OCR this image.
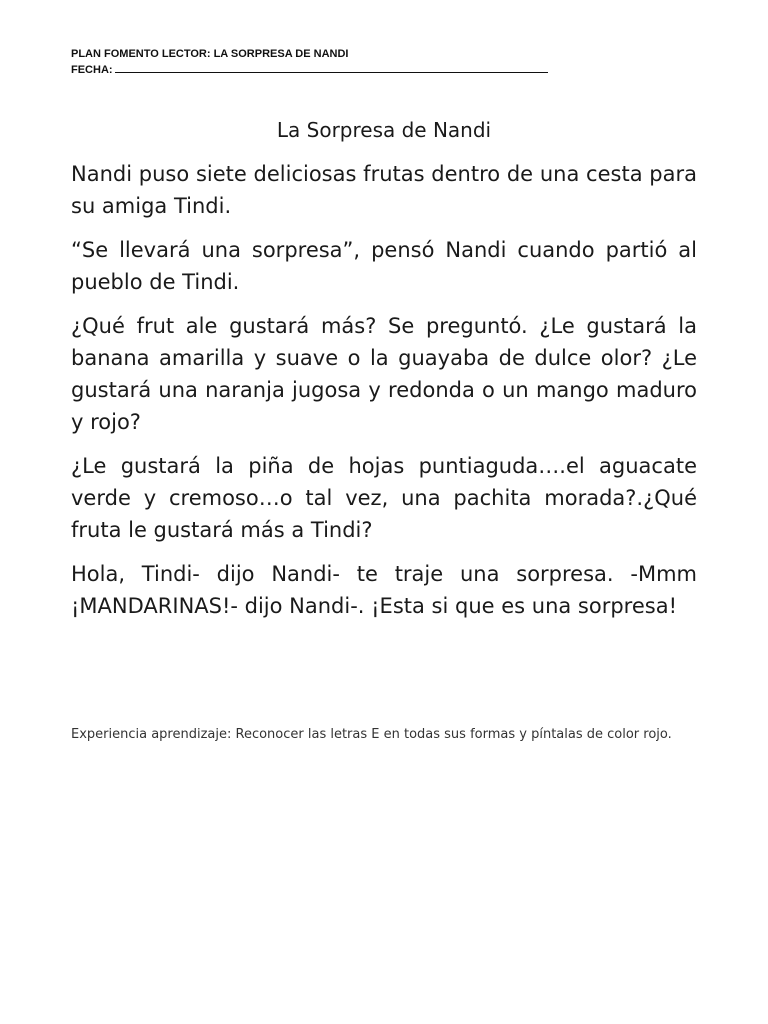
PLAN FOMENTO LECTOR: LA SORPRESA DE NANDI
FECHA:
La Sorpresa de Nandi

Nandi puso siete deliciosas frutas dentro de una cesta para su amiga Tindi.

“Se llevará una sorpresa”, pensó Nandi cuando partió al pueblo de Tindi.

¿Qué frut ale gustará más? Se preguntó. ¿Le gustará la banana amarilla y suave o la guayaba de dulce olor? ¿Le gustará una naranja jugosa y redonda o un mango maduro y rojo?

¿Le gustará la piña de hojas puntiaguda….el aguacate verde y cremoso…o tal vez, una pachita morada?.¿Qué fruta le gustará más a Tindi?

Hola, Tindi- dijo Nandi- te traje una sorpresa. -Mmm ¡MANDARINAS!- dijo Nandi-. ¡Esta si que es una sorpresa!

Experiencia aprendizaje: Reconocer las letras E en todas sus formas y píntalas de color rojo.
